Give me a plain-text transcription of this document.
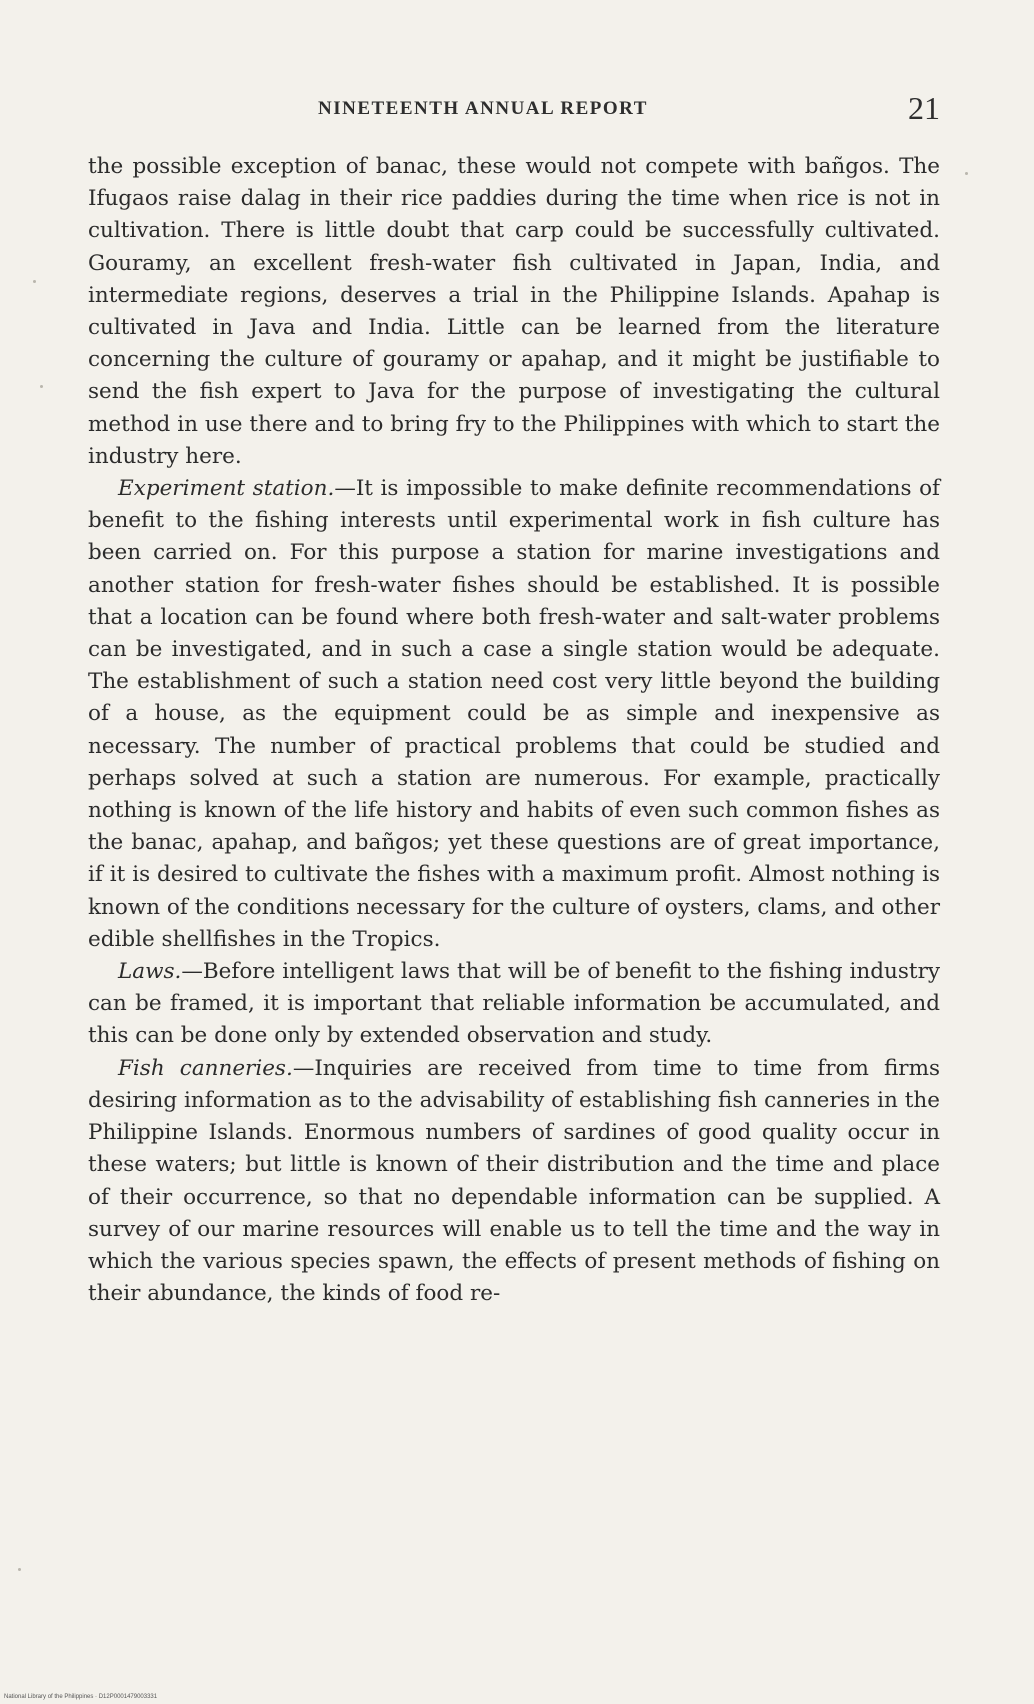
NINETEENTH ANNUAL REPORT	21

the possible exception of banac, these would not compete with bañgos. The Ifugaos raise dalag in their rice paddies during the time when rice is not in cultivation. There is little doubt that carp could be successfully cultivated. Gouramy, an excellent fresh-water fish cultivated in Japan, India, and intermediate regions, deserves a trial in the Philippine Islands. Apahap is cultivated in Java and India. Little can be learned from the literature concerning the culture of gouramy or apahap, and it might be justifiable to send the fish expert to Java for the purpose of investigating the cultural method in use there and to bring fry to the Philippines with which to start the industry here.

Experiment station.—It is impossible to make definite recommendations of benefit to the fishing interests until experimental work in fish culture has been carried on. For this purpose a station for marine investigations and another station for fresh-water fishes should be established. It is possible that a location can be found where both fresh-water and salt-water problems can be investigated, and in such a case a single station would be adequate. The establishment of such a station need cost very little beyond the building of a house, as the equipment could be as simple and inexpensive as necessary. The number of practical problems that could be studied and perhaps solved at such a station are numerous. For example, practically nothing is known of the life history and habits of even such common fishes as the banac, apahap, and bañgos; yet these questions are of great importance, if it is desired to cultivate the fishes with a maximum profit. Almost nothing is known of the conditions necessary for the culture of oysters, clams, and other edible shellfishes in the Tropics.

Laws.—Before intelligent laws that will be of benefit to the fishing industry can be framed, it is important that reliable information be accumulated, and this can be done only by extended observation and study.

Fish canneries.—Inquiries are received from time to time from firms desiring information as to the advisability of establishing fish canneries in the Philippine Islands. Enormous numbers of sardines of good quality occur in these waters; but little is known of their distribution and the time and place of their occurrence, so that no dependable information can be supplied. A survey of our marine resources will enable us to tell the time and the way in which the various species spawn, the effects of present methods of fishing on their abundance, the kinds of food re-

National Library of the Philippines · D12P0001479003331
